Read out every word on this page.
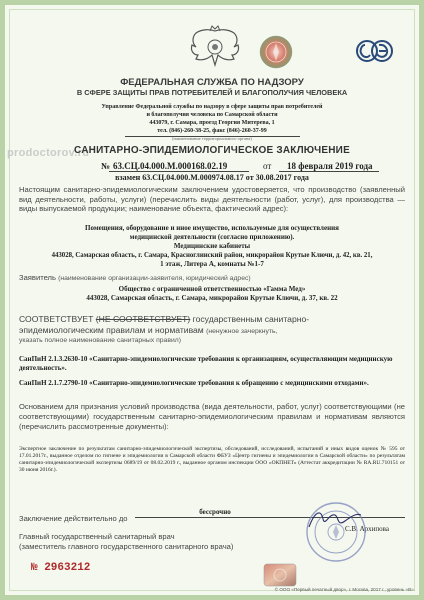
ФЕДЕРАЛЬНАЯ СЛУЖБА ПО НАДЗОРУ
В СФЕРЕ ЗАЩИТЫ ПРАВ ПОТРЕБИТЕЛЕЙ И БЛАГОПОЛУЧИЯ ЧЕЛОВЕКА
Управление Федеральной службы по надзору в сфере защиты прав потребителей
и благополучия человека по Самарской области
443079, г. Самара, проезд Георгия Митерева, 1
тел. (846)-260-38-25, факс (846)-260-37-99
(наименование территориального органа)
prodoctorov.ru
САНИТАРНО-ЭПИДЕМИОЛОГИЧЕСКОЕ ЗАКЛЮЧЕНИЕ
№ 63.СЦ.04.000.М.000168.02.19	от 18 февраля 2019 года
взамен 63.СЦ.04.000.М.000974.08.17 от 30.08.2017 года
Настоящим санитарно-эпидемиологическим заключением удостоверяется, что производство (заявленный вид деятельности, работы, услуги) (перечислить виды деятельности (работ, услуг), для производства — виды выпускаемой продукции; наименование объекта, фактический адрес):
Помещения, оборудование и иное имущество, используемые для осуществления
медицинской деятельности (согласно приложению).
Медицинские кабинеты
443028, Самарская область, г. Самара, Красноглинский район, микрорайон Крутые Ключи, д. 42, кв. 21,
1 этаж, Литера А, комнаты №1-7
Заявитель (наименование организации-заявителя, юридический адрес)
Общество с ограниченной ответственностью «Гамма Мед»
443028, Самарская область, г. Самара, микрорайон Крутые Ключи, д. 37, кв. 22
СООТВЕТСТВУЕТ (НЕ СООТВЕТСТВУЕТ) государственным санитарно-
эпидемиологическим правилам и нормативам (ненужное зачеркнуть,
указать полное наименование санитарных правил)
СанПиН 2.1.3.2630-10 «Санитарно-эпидемиологические требования к организациям, осуществляющим медицинскую деятельность».
СанПиН 2.1.7.2790-10 «Санитарно-эпидемиологические требования к обращению с медицинскими отходами».
Основанием для признания условий производства (вида деятельности, работ, услуг) соответствующими (не соответствующими) государственным санитарно-эпидемиологическим правилам и нормативам являются (перечислить рассмотренные документы):
Экспертное заключение по результатам санитарно-эпидемиологической экспертизы, обследований, исследований, испытаний и иных видов оценок № 595 от 17.01.2017г., выданное отделом по гигиене и эпидемиологии в Самарской области ФБУЗ «Центр гигиены и эпидемиологии в Самарской области» по результатам санитарно-эпидемиологической экспертизы 0689/19 от 08.02.2019 г., выданное органом инспекции ООО «ОКПНЕТ» (Аттестат аккредитации № RA.RU.710151 от 30 июня 2016г.).
Заключение действительно до
бессрочно
Главный государственный санитарный врач
(заместитель главного государственного санитарного врача)
С.В. Архипова
№ 2963212
© ООО «Первый печатный двор», г. Москва, 2017 г., уровень «В».
